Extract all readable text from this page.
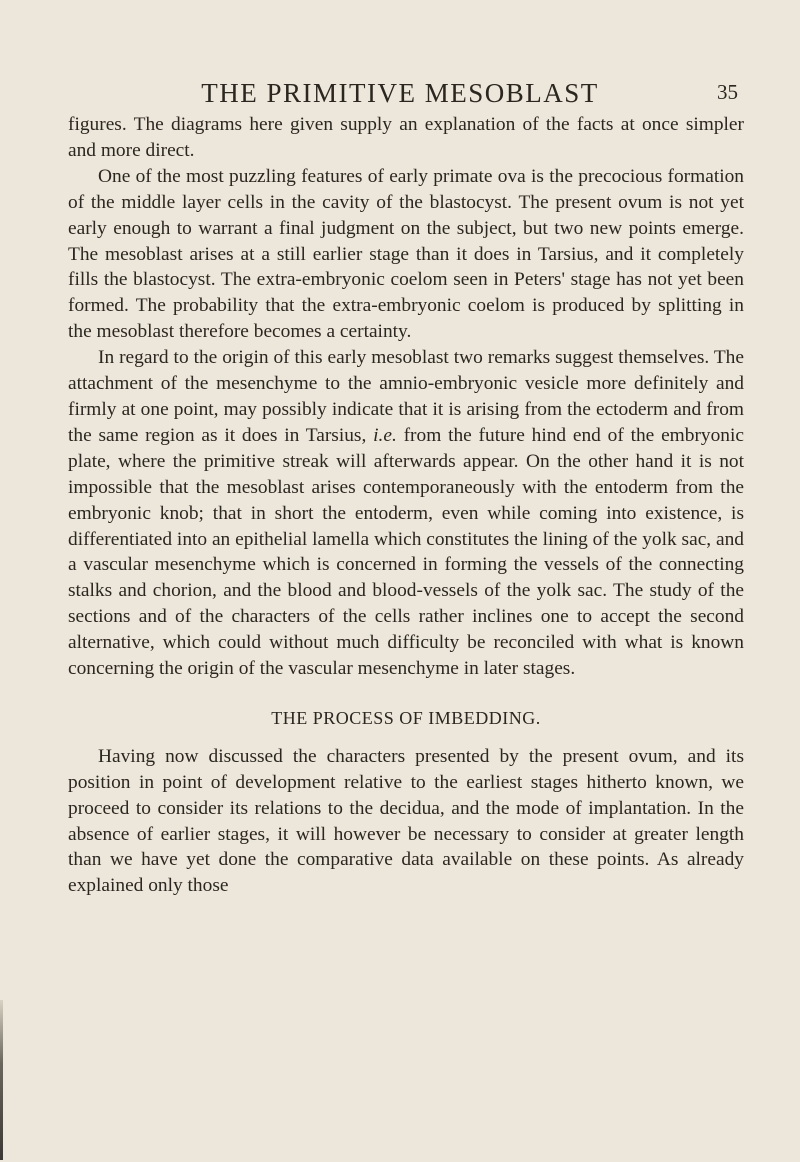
THE PRIMITIVE MESOBLAST	35

figures. The diagrams here given supply an explanation of the facts at once simpler and more direct.

One of the most puzzling features of early primate ova is the precocious formation of the middle layer cells in the cavity of the blastocyst. The present ovum is not yet early enough to warrant a final judgment on the subject, but two new points emerge. The mesoblast arises at a still earlier stage than it does in Tarsius, and it completely fills the blastocyst. The extra-embryonic coelom seen in Peters' stage has not yet been formed. The probability that the extra-embryonic coelom is produced by splitting in the mesoblast therefore becomes a certainty.

In regard to the origin of this early mesoblast two remarks suggest themselves. The attachment of the mesenchyme to the amnio-embryonic vesicle more definitely and firmly at one point, may possibly indicate that it is arising from the ectoderm and from the same region as it does in Tarsius, i.e. from the future hind end of the embryonic plate, where the primitive streak will afterwards appear. On the other hand it is not impossible that the mesoblast arises contemporaneously with the entoderm from the embryonic knob; that in short the entoderm, even while coming into existence, is differentiated into an epithelial lamella which constitutes the lining of the yolk sac, and a vascular mesenchyme which is concerned in forming the vessels of the connecting stalks and chorion, and the blood and blood-vessels of the yolk sac. The study of the sections and of the characters of the cells rather inclines one to accept the second alternative, which could without much difficulty be reconciled with what is known concerning the origin of the vascular mesenchyme in later stages.

THE PROCESS OF IMBEDDING.

Having now discussed the characters presented by the present ovum, and its position in point of development relative to the earliest stages hitherto known, we proceed to consider its relations to the decidua, and the mode of implantation. In the absence of earlier stages, it will however be necessary to consider at greater length than we have yet done the comparative data available on these points. As already explained only those
